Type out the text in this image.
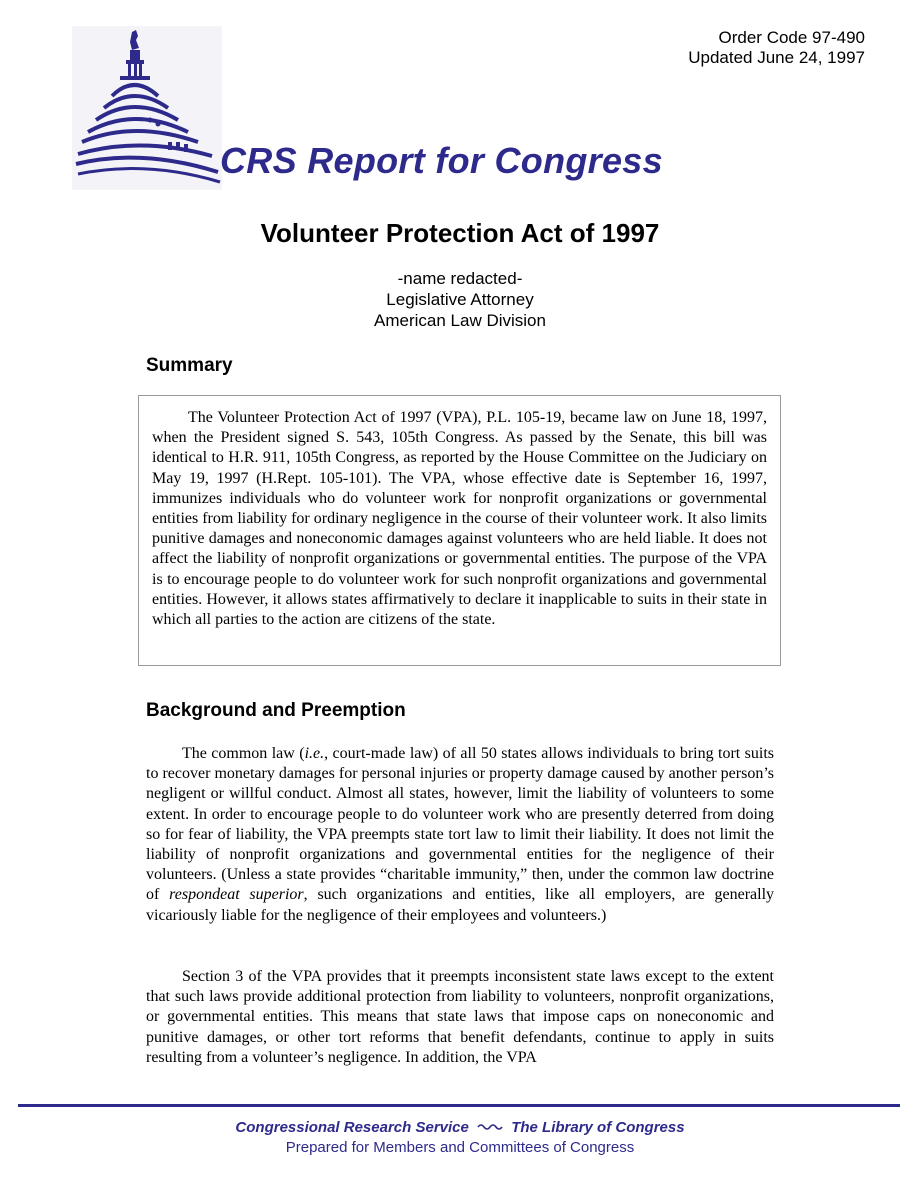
Order Code 97-490
Updated June 24, 1997
CRS Report for Congress
Volunteer Protection Act of 1997
-name redacted-
Legislative Attorney
American Law Division
Summary

The Volunteer Protection Act of 1997 (VPA), P.L. 105-19, became law on June 18, 1997, when the President signed S. 543, 105th Congress. As passed by the Senate, this bill was identical to H.R. 911, 105th Congress, as reported by the House Committee on the Judiciary on May 19, 1997 (H.Rept. 105-101). The VPA, whose effective date is September 16, 1997, immunizes individuals who do volunteer work for nonprofit organizations or governmental entities from liability for ordinary negligence in the course of their volunteer work. It also limits punitive damages and noneconomic damages against volunteers who are held liable. It does not affect the liability of nonprofit organizations or governmental entities. The purpose of the VPA is to encourage people to do volunteer work for such nonprofit organizations and governmental entities. However, it allows states affirmatively to declare it inapplicable to suits in their state in which all parties to the action are citizens of the state.

Background and Preemption

The common law (i.e., court-made law) of all 50 states allows individuals to bring tort suits to recover monetary damages for personal injuries or property damage caused by another person’s negligent or willful conduct. Almost all states, however, limit the liability of volunteers to some extent. In order to encourage people to do volunteer work who are presently deterred from doing so for fear of liability, the VPA preempts state tort law to limit their liability. It does not limit the liability of nonprofit organizations and governmental entities for the negligence of their volunteers. (Unless a state provides “charitable immunity,” then, under the common law doctrine of respondeat superior, such organizations and entities, like all employers, are generally vicariously liable for the negligence of their employees and volunteers.)

Section 3 of the VPA provides that it preempts inconsistent state laws except to the extent that such laws provide additional protection from liability to volunteers, nonprofit organizations, or governmental entities. This means that state laws that impose caps on noneconomic and punitive damages, or other tort reforms that benefit defendants, continue to apply in suits resulting from a volunteer’s negligence. In addition, the VPA

Congressional Research Service	The Library of Congress
Prepared for Members and Committees of Congress
